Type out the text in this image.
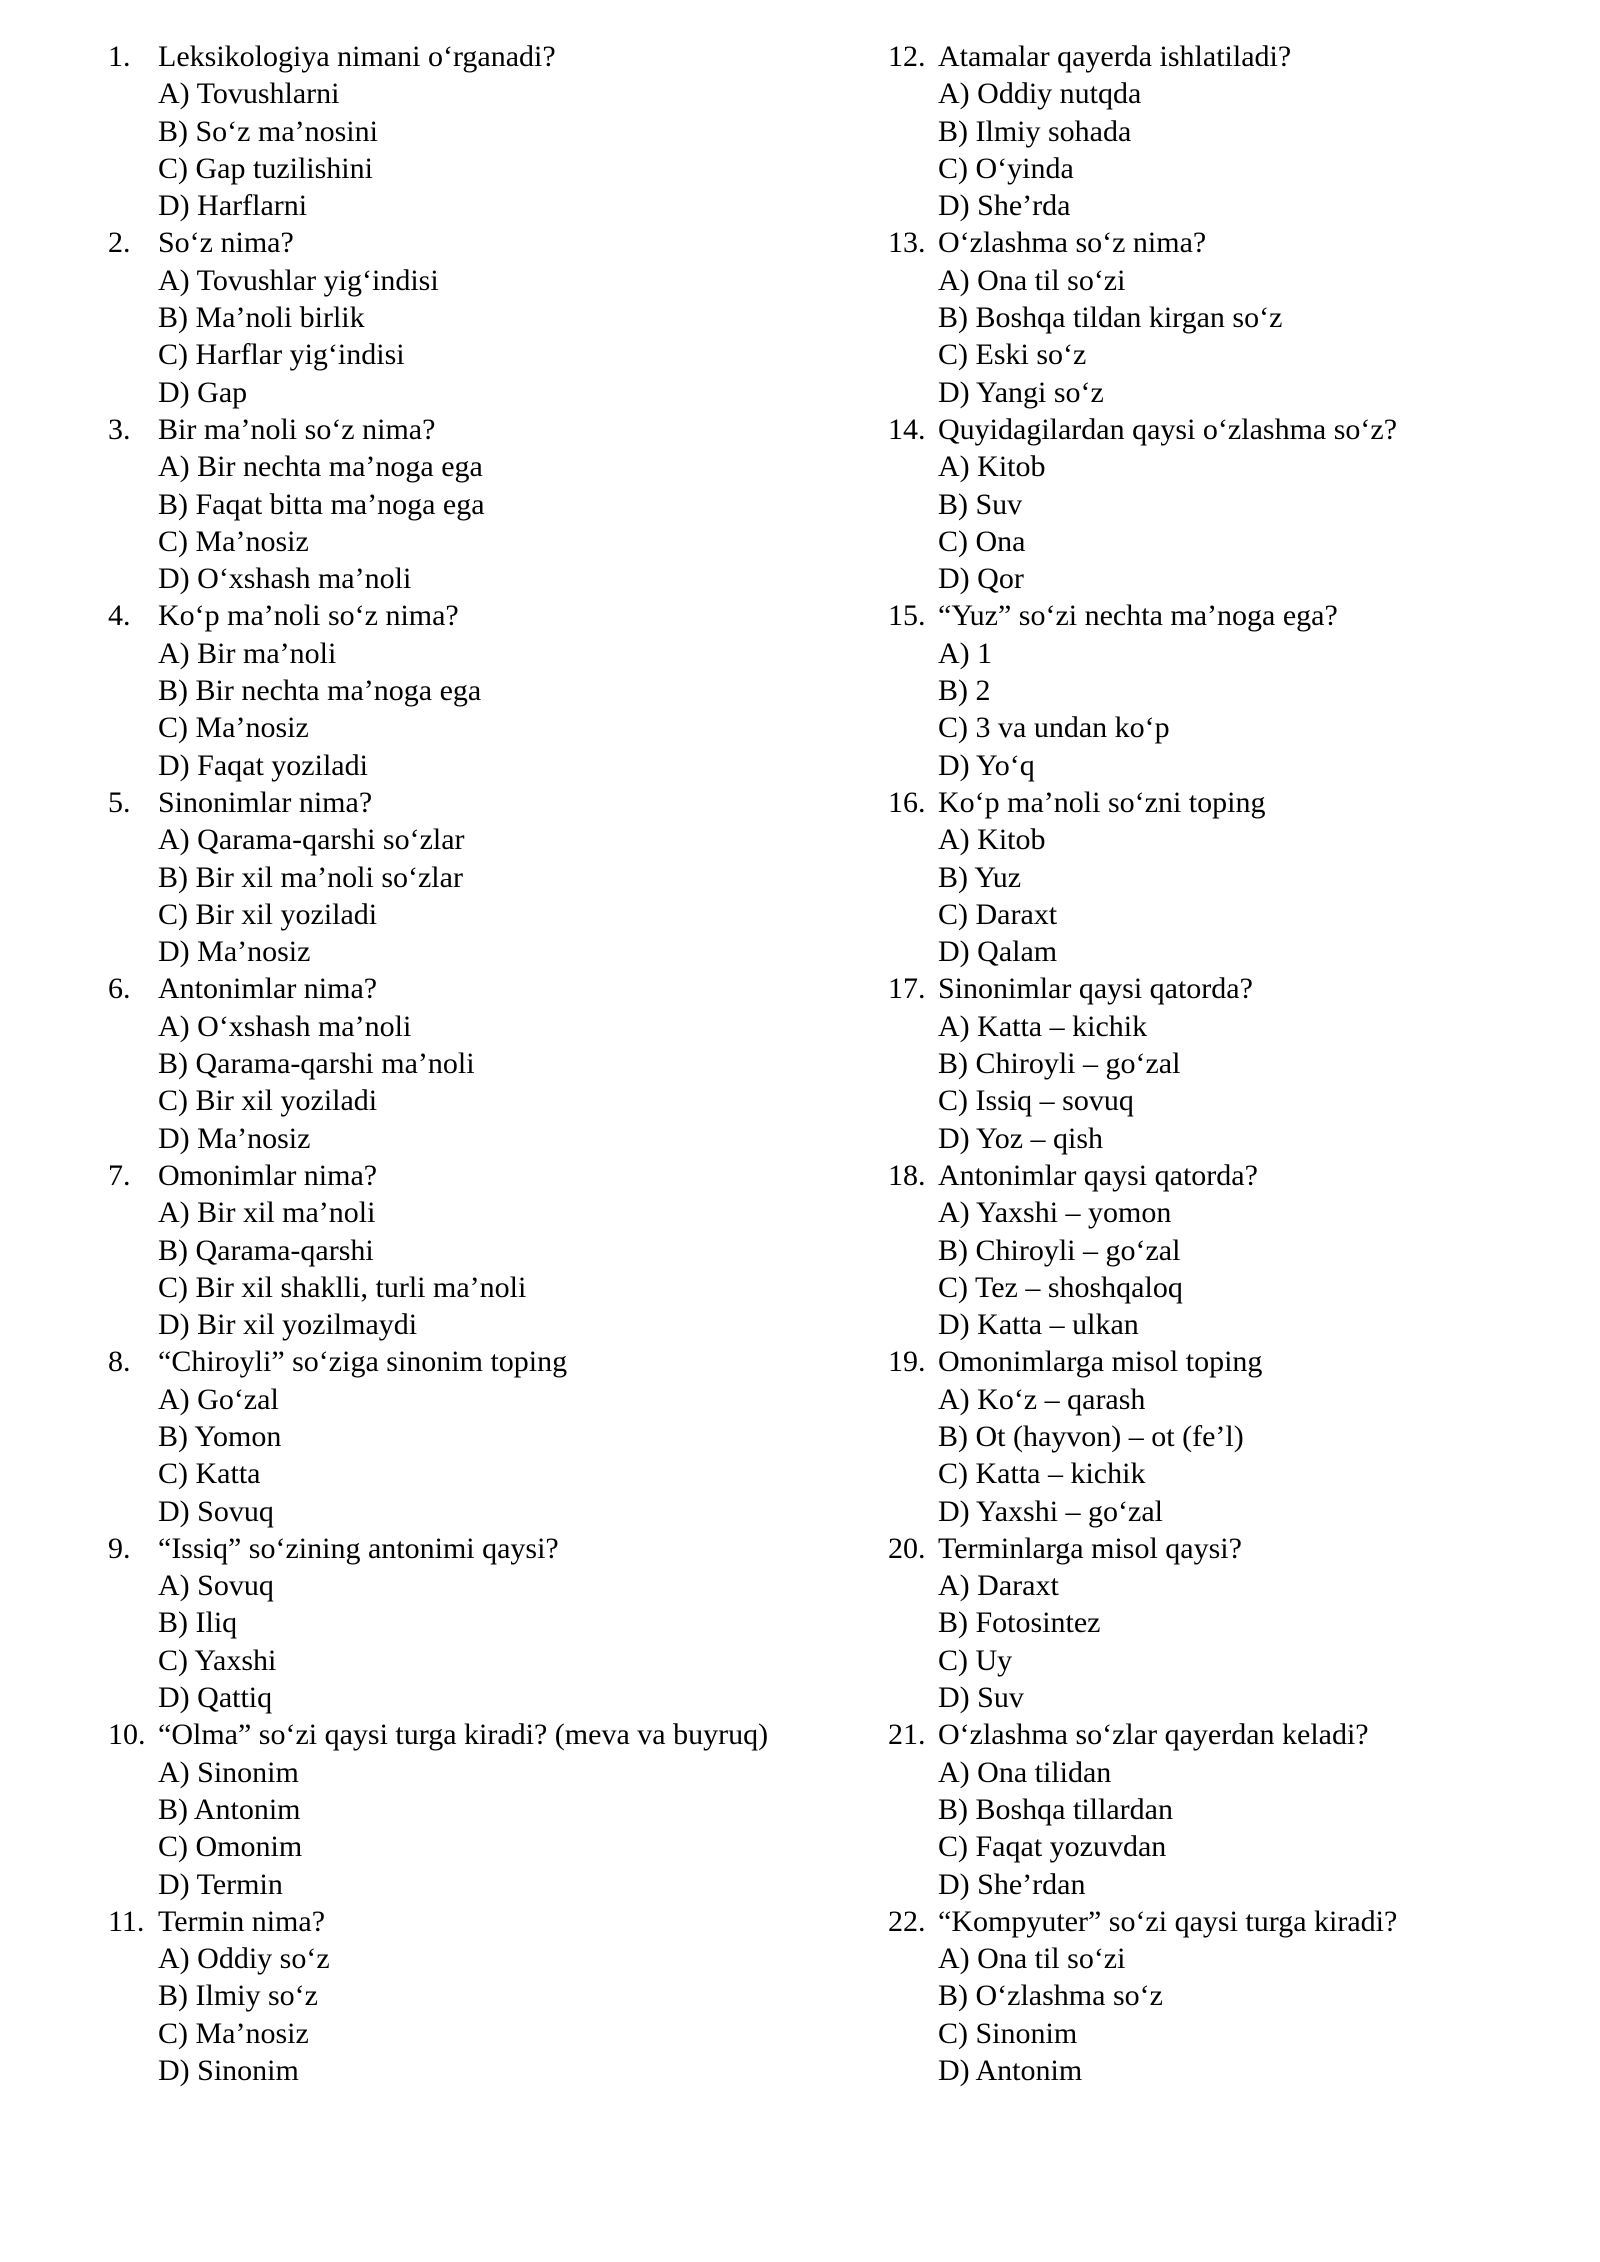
1. Leksikologiya nimani o‘rganadi?
A) Tovushlarni
B) So‘z ma’nosini
C) Gap tuzilishini
D) Harflarni
2. So‘z nima?
A) Tovushlar yig‘indisi
B) Ma’noli birlik
C) Harflar yig‘indisi
D) Gap
3. Bir ma’noli so‘z nima?
A) Bir nechta ma’noga ega
B) Faqat bitta ma’noga ega
C) Ma’nosiz
D) O‘xshash ma’noli
4. Ko‘p ma’noli so‘z nima?
A) Bir ma’noli
B) Bir nechta ma’noga ega
C) Ma’nosiz
D) Faqat yoziladi
5. Sinonimlar nima?
A) Qarama-qarshi so‘zlar
B) Bir xil ma’noli so‘zlar
C) Bir xil yoziladi
D) Ma’nosiz
6. Antonimlar nima?
A) O‘xshash ma’noli
B) Qarama-qarshi ma’noli
C) Bir xil yoziladi
D) Ma’nosiz
7. Omonimlar nima?
A) Bir xil ma’noli
B) Qarama-qarshi
C) Bir xil shaklli, turli ma’noli
D) Bir xil yozilmaydi
8. “Chiroyli” so‘ziga sinonim toping
A) Go‘zal
B) Yomon
C) Katta
D) Sovuq
9. “Issiq” so‘zining antonimi qaysi?
A) Sovuq
B) Iliq
C) Yaxshi
D) Qattiq
10. “Olma” so‘zi qaysi turga kiradi? (meva va buyruq)
A) Sinonim
B) Antonim
C) Omonim
D) Termin
11. Termin nima?
A) Oddiy so‘z
B) Ilmiy so‘z
C) Ma’nosiz
D) Sinonim
12. Atamalar qayerda ishlatiladi?
A) Oddiy nutqda
B) Ilmiy sohada
C) O‘yinda
D) She’rda
13. O‘zlashma so‘z nima?
A) Ona til so‘zi
B) Boshqa tildan kirgan so‘z
C) Eski so‘z
D) Yangi so‘z
14. Quyidagilardan qaysi o‘zlashma so‘z?
A) Kitob
B) Suv
C) Ona
D) Qor
15. “Yuz” so‘zi nechta ma’noga ega?
A) 1
B) 2
C) 3 va undan ko‘p
D) Yo‘q
16. Ko‘p ma’noli so‘zni toping
A) Kitob
B) Yuz
C) Daraxt
D) Qalam
17. Sinonimlar qaysi qatorda?
A) Katta – kichik
B) Chiroyli – go‘zal
C) Issiq – sovuq
D) Yoz – qish
18. Antonimlar qaysi qatorda?
A) Yaxshi – yomon
B) Chiroyli – go‘zal
C) Tez – shoshqaloq
D) Katta – ulkan
19. Omonimlarga misol toping
A) Ko‘z – qarash
B) Ot (hayvon) – ot (fe’l)
C) Katta – kichik
D) Yaxshi – go‘zal
20. Terminlarga misol qaysi?
A) Daraxt
B) Fotosintez
C) Uy
D) Suv
21. O‘zlashma so‘zlar qayerdan keladi?
A) Ona tilidan
B) Boshqa tillardan
C) Faqat yozuvdan
D) She’rdan
22. “Kompyuter” so‘zi qaysi turga kiradi?
A) Ona til so‘zi
B) O‘zlashma so‘z
C) Sinonim
D) Antonim
